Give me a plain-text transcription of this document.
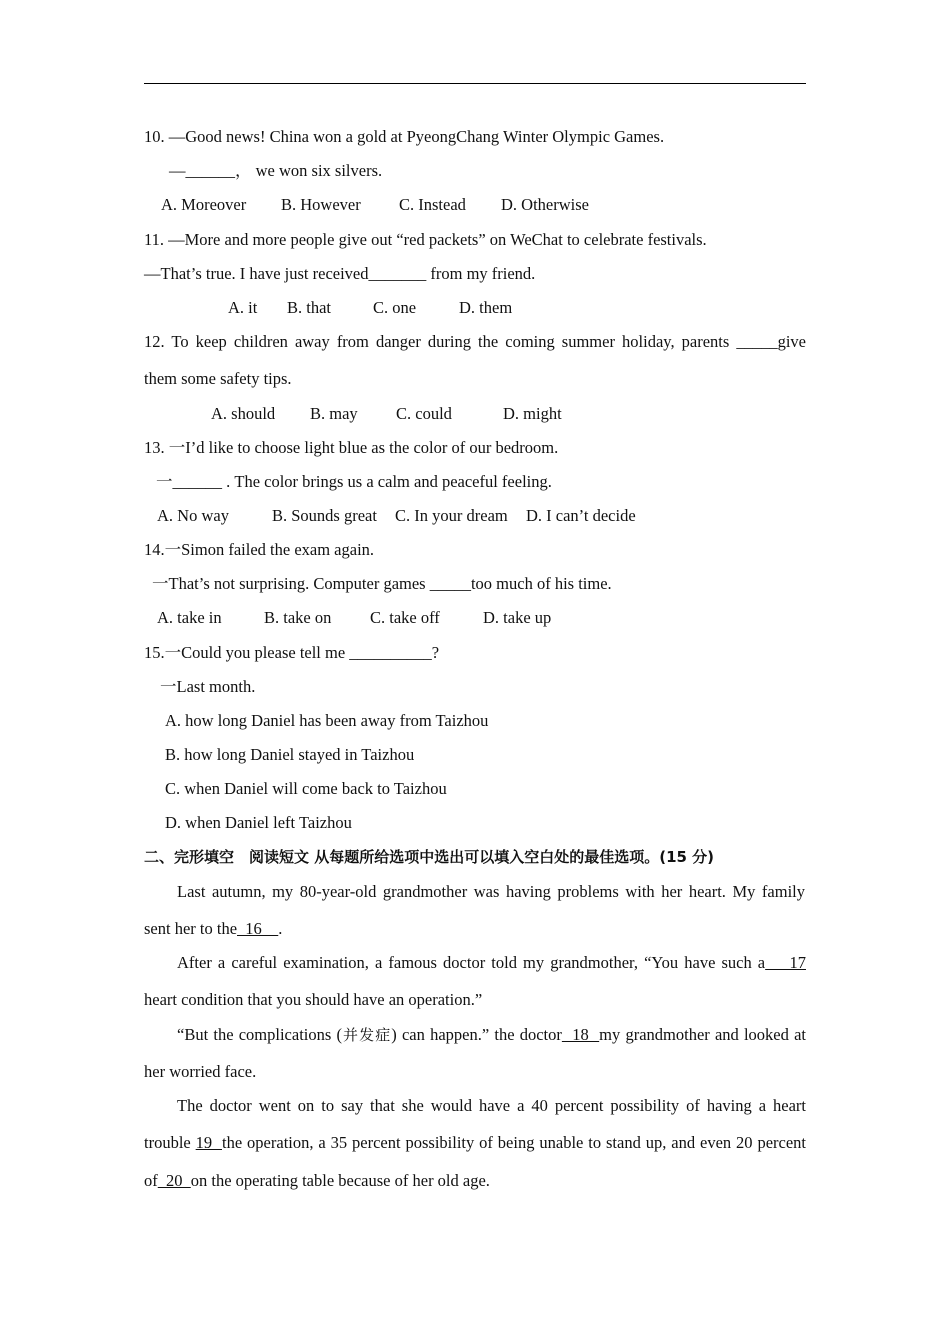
10. —Good news! China won a gold at PyeongChang Winter Olympic Games.
—______， we won six silvers.
A. Moreover B. However C. Instead D. Otherwise
11. —More and more people give out “red packets” on WeChat to celebrate festivals.
—That’s true. I have just received_______ from my friend.
A. it B. that	C. one	D. them
12. To keep children away from danger during the coming summer holiday, parents _____give
them some safety tips.
A. should B. may C. could	D. might
13. 一I’d like to choose light blue as the color of our bedroom.
一______ . The color brings us a calm and peaceful feeling.
A. No way	B. Sounds great C. In your dream D. I can’t decide
14.一Simon failed the exam again.
一That’s not surprising. Computer games _____too much of his time.
A. take in	B. take on C. take off	D. take up
15.一Could you please tell me __________?
一Last month.
A. how long Daniel has been away from Taizhou
B. how long Daniel stayed in Taizhou
C. when Daniel will come back to Taizhou
D. when Daniel left Taizhou
二、完形填空　阅读短文 从每题所给选项中选出可以填入空白处的最佳选项。(15 分)
Last autumn, my 80-year-old grandmother was having problems with her heart. My family
sent her to the  16    .
After a careful examination, a famous doctor told my grandmother, “You have such a    17
heart condition that you should have an operation.”
“But the complications (并发症) can happen.” the doctor  18  my grandmother and looked at
her worried face.
The doctor went on to say that she would have a 40 percent possibility of having a heart
trouble 19  the operation, a 35 percent possibility of being unable to stand up, and even 20 percent
of  20  on the operating table because of her old age.
